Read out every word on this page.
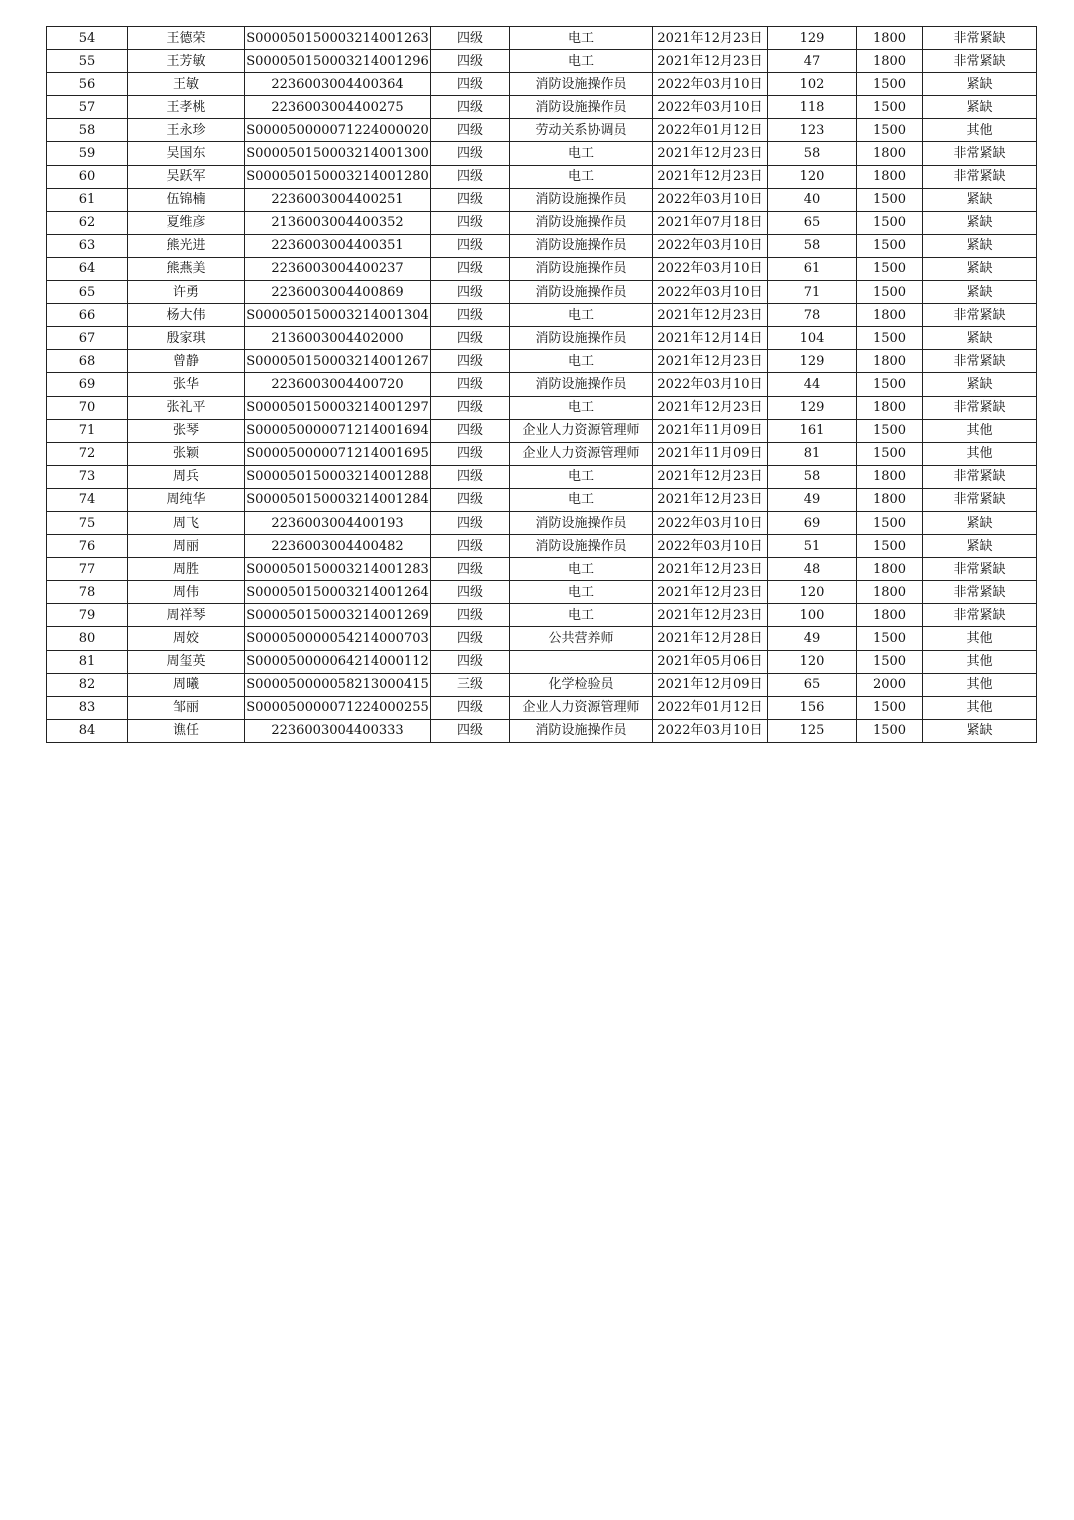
54	王德荣	S000050150003214001263	四级	电工	2021年12月23日	129	1800	非常紧缺
55	王芳敏	S000050150003214001296	四级	电工	2021年12月23日	47	1800	非常紧缺
56	王敏	2236003004400364	四级	消防设施操作员	2022年03月10日	102	1500	紧缺
57	王孝桃	2236003004400275	四级	消防设施操作员	2022年03月10日	118	1500	紧缺
58	王永珍	S000050000071224000020	四级	劳动关系协调员	2022年01月12日	123	1500	其他
59	吴国东	S000050150003214001300	四级	电工	2021年12月23日	58	1800	非常紧缺
60	吴跃军	S000050150003214001280	四级	电工	2021年12月23日	120	1800	非常紧缺
61	伍锦楠	2236003004400251	四级	消防设施操作员	2022年03月10日	40	1500	紧缺
62	夏维彦	2136003004400352	四级	消防设施操作员	2021年07月18日	65	1500	紧缺
63	熊光进	2236003004400351	四级	消防设施操作员	2022年03月10日	58	1500	紧缺
64	熊燕美	2236003004400237	四级	消防设施操作员	2022年03月10日	61	1500	紧缺
65	许勇	2236003004400869	四级	消防设施操作员	2022年03月10日	71	1500	紧缺
66	杨大伟	S000050150003214001304	四级	电工	2021年12月23日	78	1800	非常紧缺
67	殷家琪	2136003004402000	四级	消防设施操作员	2021年12月14日	104	1500	紧缺
68	曾静	S000050150003214001267	四级	电工	2021年12月23日	129	1800	非常紧缺
69	张华	2236003004400720	四级	消防设施操作员	2022年03月10日	44	1500	紧缺
70	张礼平	S000050150003214001297	四级	电工	2021年12月23日	129	1800	非常紧缺
71	张琴	S000050000071214001694	四级	企业人力资源管理师	2021年11月09日	161	1500	其他
72	张颖	S000050000071214001695	四级	企业人力资源管理师	2021年11月09日	81	1500	其他
73	周兵	S000050150003214001288	四级	电工	2021年12月23日	58	1800	非常紧缺
74	周纯华	S000050150003214001284	四级	电工	2021年12月23日	49	1800	非常紧缺
75	周飞	2236003004400193	四级	消防设施操作员	2022年03月10日	69	1500	紧缺
76	周丽	2236003004400482	四级	消防设施操作员	2022年03月10日	51	1500	紧缺
77	周胜	S000050150003214001283	四级	电工	2021年12月23日	48	1800	非常紧缺
78	周伟	S000050150003214001264	四级	电工	2021年12月23日	120	1800	非常紧缺
79	周祥琴	S000050150003214001269	四级	电工	2021年12月23日	100	1800	非常紧缺
80	周姣	S000050000054214000703	四级	公共营养师	2021年12月28日	49	1500	其他
81	周玺英	S000050000064214000112	四级		2021年05月06日	120	1500	其他
82	周曦	S000050000058213000415	三级	化学检验员	2021年12月09日	65	2000	其他
83	邹丽	S000050000071224000255	四级	企业人力资源管理师	2022年01月12日	156	1500	其他
84	谯任	2236003004400333	四级	消防设施操作员	2022年03月10日	125	1500	紧缺
